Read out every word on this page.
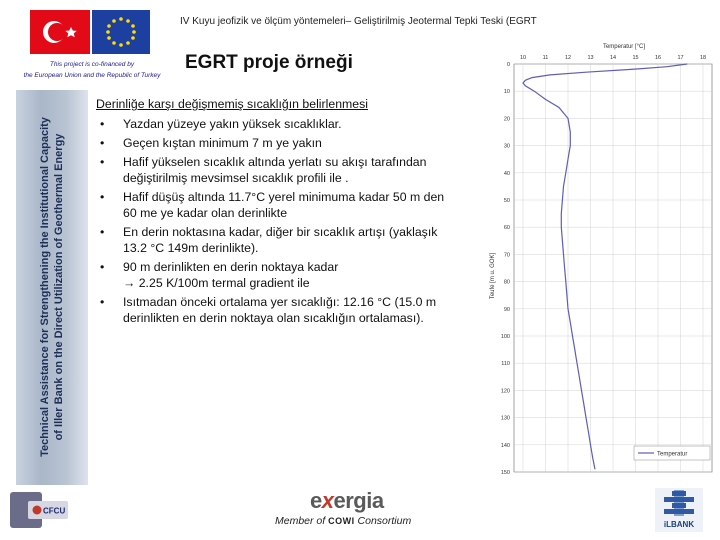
IV Kuyu jeofizik ve ölçüm yöntemeleri– Geliştirilmiş Jeotermal Tepki Teski (EGRT
EGRT proje örneği
This project is co-financed by
the European Union and the Republic of Turkey
Technical Assistance for Strengthening the Institutional Capacity of Iller Bank on the Direct Utilization of Geothermal Energy
Derinliğe karşı değişmemiş sıcaklığın belirlenmesi
• Yazdan yüzeye yakın yüksek sıcaklıklar.
• Geçen kıştan minimum 7 m ye yakın
• Hafif yükselen sıcaklık altında yerlatı su akışı tarafından değiştirilmiş mevsimsel sıcaklık profili ile .
• Hafif düşüş altında 11.7°C yerel minimuma kadar 50 m den 60 me ye kadar olan derinlikte
• En derin noktasına kadar, diğer bir sıcaklık artışı (yaklaşık 13.2 °C 149m derinlikte).
• 90 m derinlikten en derin noktaya kadar
→ 2.25 K/100m termal gradient ile
• Isıtmadan önceki ortalama yer sıcaklığı: 12.16 °C (15.0 m derinlikten en derin noktaya olan sıcaklığın ortalaması).
Temperatur [°C]
Teufe [m u. GOK]
10	11	12	13	14	15	16	17	18
0
10
20
30
40
50
60
70
80
90
100
110
120
130
140
150
Temperatur
CFCU	exergia
Member of COWI Consortium	iLBANK
